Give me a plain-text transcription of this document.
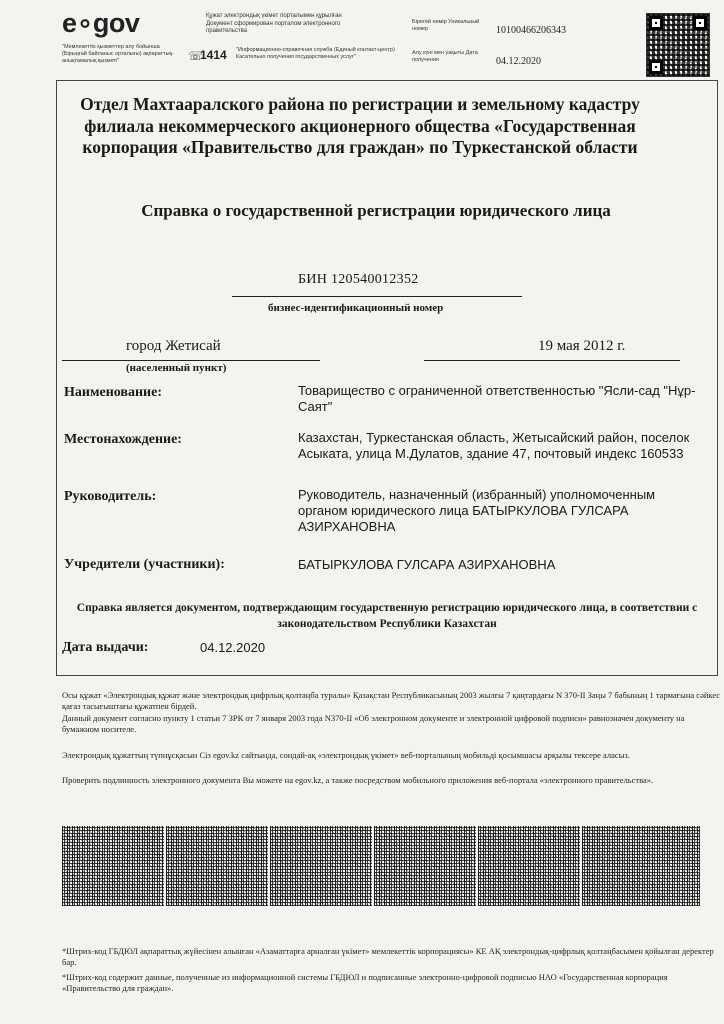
e∘gov
"Мемлекеттік қызметтер алу бойынша (Бірыңғай байланыс орталығы) ақпараттық-анықтамалық қызметі"
Құжат электрондық үкімет порталымен құрылған
Документ сформирован порталом электронного правительства
☏
1414 "Информационно-справочная служба (Единый контакт-центр) Касательно получения государственных услуг"
Бірегей нөмір Уникальный номер
Алу күні мен уақыты Дата получения
10100466206343
04.12.2020
Отдел Махтааралского района по регистрации и земельному кадастру филиала некоммерческого акционерного общества «Государственная корпорация «Правительство для граждан» по Туркестанской области
Справка о государственной регистрации юридического лица
БИН 120540012352
бизнес-идентификационный номер
город Жетисай
(населенный пункт)
19 мая 2012 г.
Наименование:	Товарищество с ограниченной ответственностью "Ясли-сад "Нұр-Саят"
Местонахождение:	Казахстан, Туркестанская область, Жетысайский район, поселок Асыката, улица М.Дулатов, здание 47, почтовый индекс 160533
Руководитель:	Руководитель, назначенный (избранный) уполномоченным органом юридического лица БАТЫРКУЛОВА ГУЛСАРА АЗИРХАНОВНА
Учредители (участники):	БАТЫРКУЛОВА ГУЛСАРА АЗИРХАНОВНА
Справка является документом, подтверждающим государственную регистрацию юридического лица, в соответствии с законодательством Республики Казахстан
Дата выдачи:	04.12.2020
Осы құжат «Электрондық құжат және электрондық цифрлық қолтаңба туралы» Қазақстан Республикасының 2003 жылғы 7 қаңтардағы N 370-II Заңы 7 бабының 1 тармағына сәйкес қағаз тасығыштағы құжатпен бірдей.
Данный документ согласно пункту 1 статьи 7 ЗРК от 7 января 2003 года N370-II «Об электронном документе и электронной цифровой подписи» равнозначен документу на бумажном носителе.
Электрондық құжаттың түпнұсқасын Сіз egov.kz сайтында, сондай-ақ «электрондық үкімет» веб-порталының мобильді қосымшасы арқылы тексере аласыз.
Проверить подлинность электронного документа Вы можете на egov.kz, а также посредством мобильного приложения веб-портала «электронного правительства».
*Штрих-код ГБДЮЛ ақпараттық жүйесінен алынған «Азаматтарға арналған үкімет» мемлекеттік корпорациясы» КЕ АҚ электрондық-цифрлық қолтаңбасымен қойылған деректер бар.
*Штрих-код содержит данные, полученные из информационной системы ГБДЮЛ и подписанные электронно-цифровой подписью НАО «Государственная корпорация «Правительство для граждан».
